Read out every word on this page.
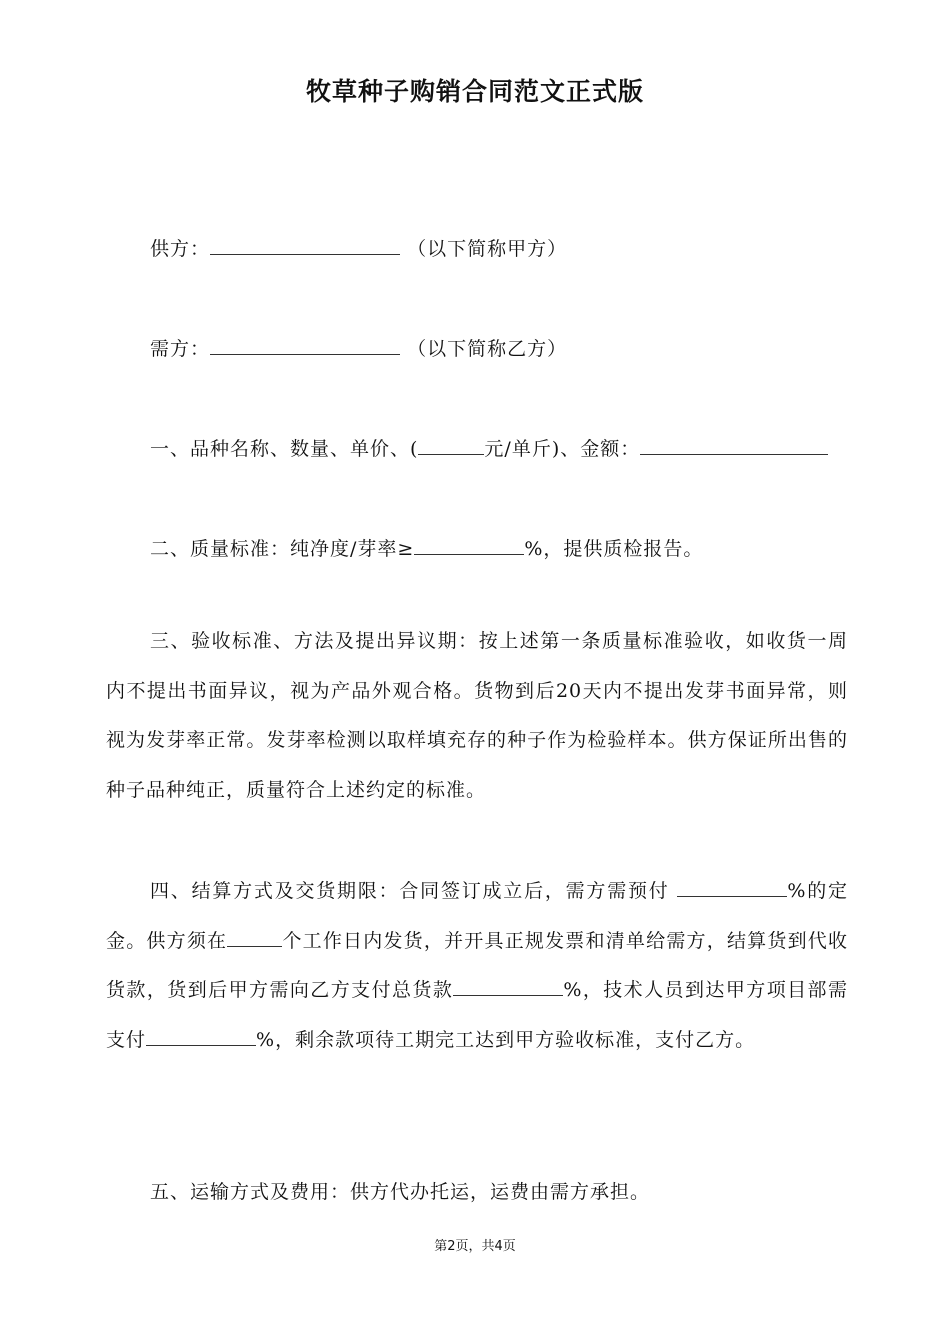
牧草种子购销合同范文正式版
供方：	（以下简称甲方）
需方：	（以下简称乙方）
一、品种名称、数量、单价、(	元/单斤)、金额：
二、质量标准：纯净度/芽率≥	%，提供质检报告。
三、验收标准、方法及提出异议期：按上述第一条质量标准验收，如收货一周内不提出书面异议，视为产品外观合格。货物到后20天内不提出发芽书面异常，则视为发芽率正常。发芽率检测以取样填充存的种子作为检验样本。供方保证所出售的种子品种纯正，质量符合上述约定的标准。
四、结算方式及交货期限：合同签订成立后，需方需预付	%的定金。供方须在	个工作日内发货，并开具正规发票和清单给需方，结算货到代收货款，货到后甲方需向乙方支付总货款	%，技术人员到达甲方项目部需支付	%，剩余款项待工期完工达到甲方验收标准，支付乙方。
五、运输方式及费用：供方代办托运，运费由需方承担。
第2页，共4页
